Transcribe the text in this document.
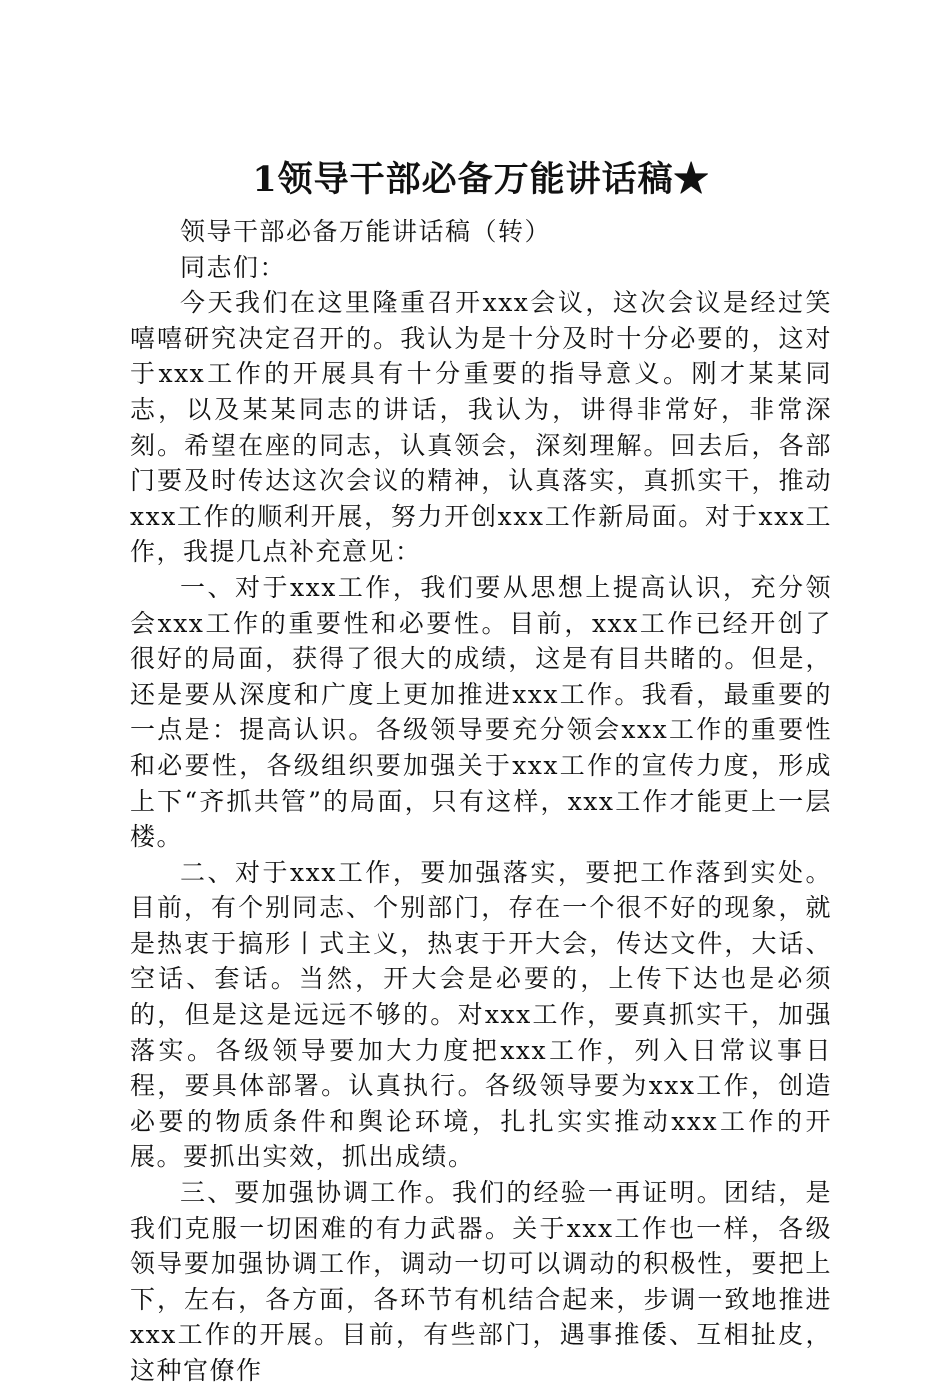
1领导干部必备万能讲话稿★

领导干部必备万能讲话稿（转）

同志们：

今天我们在这里隆重召开xxx会议，这次会议是经过笑嘻嘻研究决定召开的。我认为是十分及时十分必要的，这对于xxx工作的开展具有十分重要的指导意义。刚才某某同志，以及某某同志的讲话，我认为，讲得非常好，非常深刻。希望在座的同志，认真领会，深刻理解。回去后，各部门要及时传达这次会议的精神，认真落实，真抓实干，推动xxx工作的顺利开展，努力开创xxx工作新局面。对于xxx工作，我提几点补充意见：

一、对于xxx工作，我们要从思想上提高认识，充分领会xxx工作的重要性和必要性。目前，xxx工作已经开创了很好的局面，获得了很大的成绩，这是有目共睹的。但是，还是要从深度和广度上更加推进xxx工作。我看，最重要的一点是：提高认识。各级领导要充分领会xxx工作的重要性和必要性，各级组织要加强关于xxx工作的宣传力度，形成上下“齐抓共管”的局面，只有这样，xxx工作才能更上一层楼。

二、对于xxx工作，要加强落实，要把工作落到实处。目前，有个别同志、个别部门，存在一个很不好的现象，就是热衷于搞形丨式主义，热衷于开大会，传达文件，大话、空话、套话。当然，开大会是必要的，上传下达也是必须的，但是这是远远不够的。对xxx工作，要真抓实干，加强落实。各级领导要加大力度把xxx工作，列入日常议事日程，要具体部署。认真执行。各级领导要为xxx工作，创造必要的物质条件和舆论环境，扎扎实实推动xxx工作的开展。要抓出实效，抓出成绩。

三、要加强协调工作。我们的经验一再证明。团结，是我们克服一切困难的有力武器。关于xxx工作也一样，各级领导要加强协调工作，调动一切可以调动的积极性，要把上下，左右，各方面，各环节有机结合起来，步调一致地推进xxx工作的开展。目前，有些部门，遇事推倭、互相扯皮，这种官僚作
